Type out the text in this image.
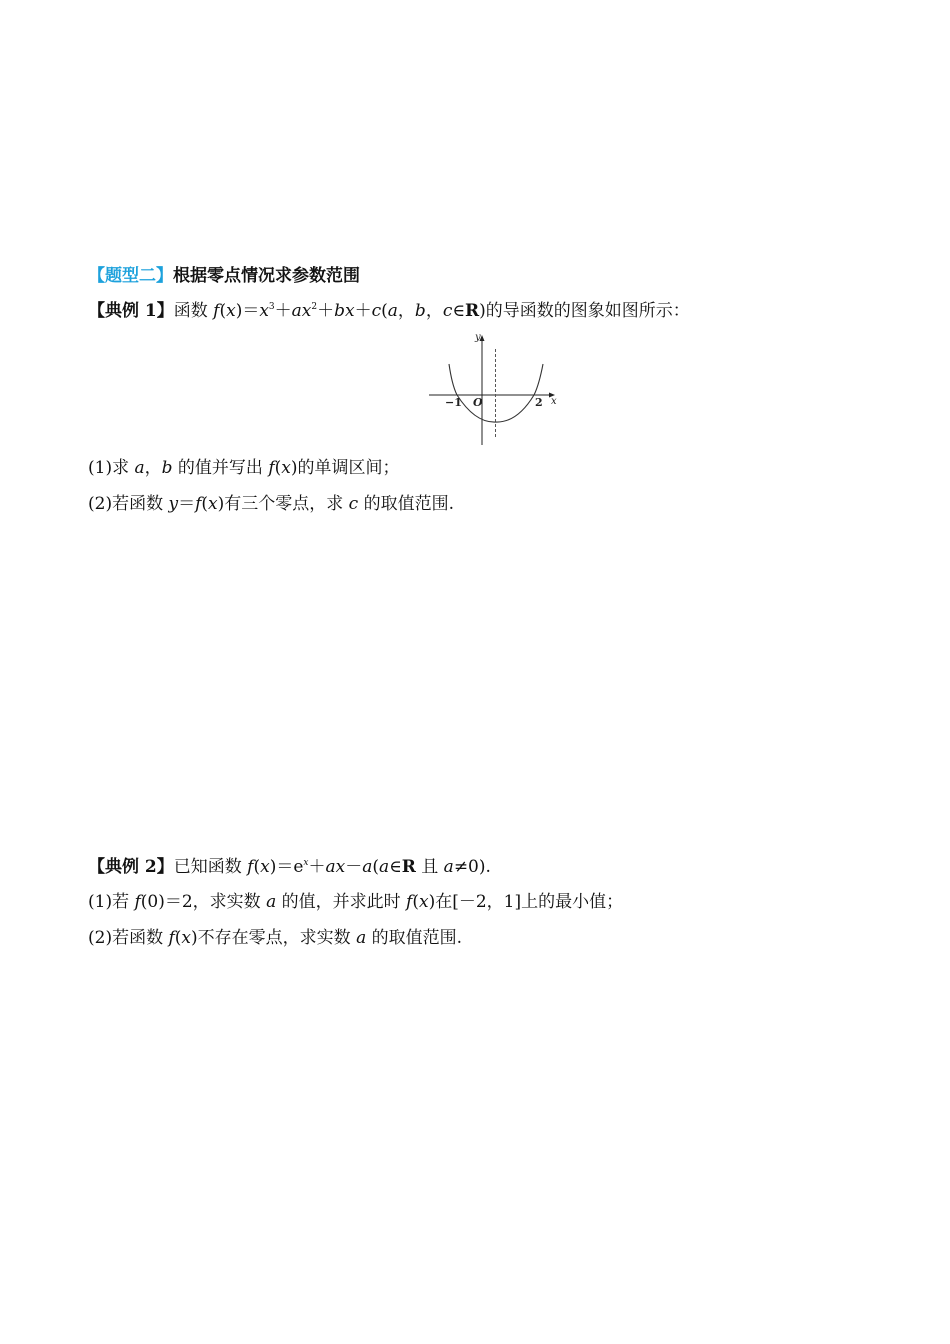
【题型二】根据零点情况求参数范围
【典例 1】函数 $f(x)=x^3+ax^2+bx+c(a$，b，c∈R)的导函数的图象如图所示：
y
x
O
−1	2
(1)求 a，b 的值并写出 f(x)的单调区间；
(2)若函数 y＝f(x)有三个零点，求 c 的取值范围.
【典例 2】已知函数 $f(x)=e^x+ax-a(a\in R$ 且 a≠0).
(1)若 f(0)＝2，求实数 a 的值，并求此时 f(x)在[－2，1]上的最小值；
(2)若函数 f(x)不存在零点，求实数 a 的取值范围.
